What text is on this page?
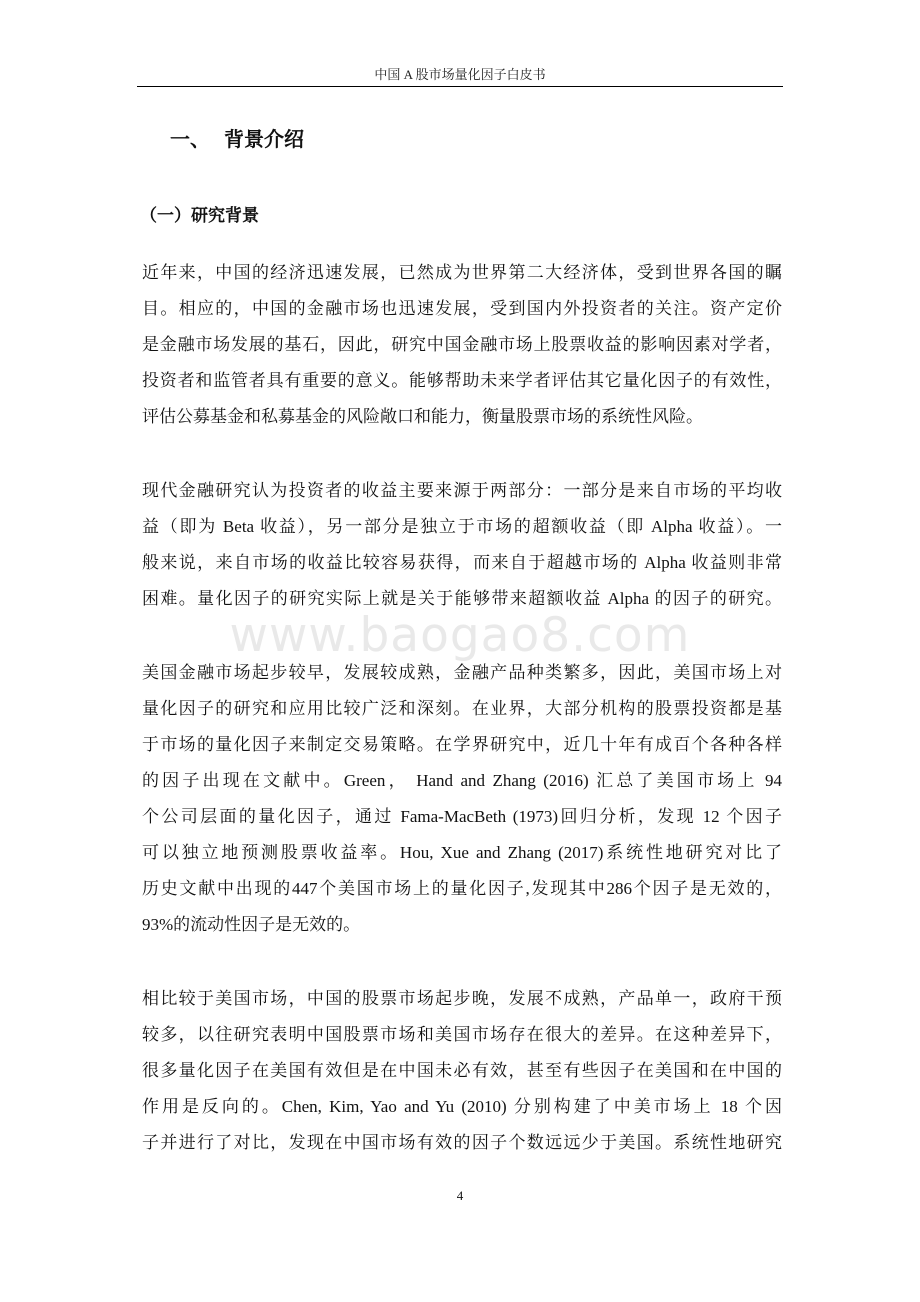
中国 A 股市场量化因子白皮书
一、 背景介绍
（一）研究背景
www.baogao8.com
近年来，中国的经济迅速发展，已然成为世界第二大经济体，受到世界各国的瞩
目。相应的，中国的金融市场也迅速发展，受到国内外投资者的关注。资产定价
是金融市场发展的基石，因此，研究中国金融市场上股票收益的影响因素对学者，
投资者和监管者具有重要的意义。能够帮助未来学者评估其它量化因子的有效性，
评估公募基金和私募基金的风险敞口和能力，衡量股票市场的系统性风险。
现代金融研究认为投资者的收益主要来源于两部分：一部分是来自市场的平均收
益（即为 Beta 收益），另一部分是独立于市场的超额收益（即 Alpha 收益）。一
般来说，来自市场的收益比较容易获得，而来自于超越市场的 Alpha 收益则非常
困难。量化因子的研究实际上就是关于能够带来超额收益 Alpha 的因子的研究。
美国金融市场起步较早，发展较成熟，金融产品种类繁多，因此，美国市场上对
量化因子的研究和应用比较广泛和深刻。在业界，大部分机构的股票投资都是基
于市场的量化因子来制定交易策略。在学界研究中，近几十年有成百个各种各样
的因子出现在文献中。Green， Hand and Zhang (2016) 汇总了美国市场上 94
个公司层面的量化因子，通过 Fama-MacBeth (1973)回归分析，发现 12 个因子
可以独立地预测股票收益率。Hou, Xue and Zhang (2017)系统性地研究对比了
历史文献中出现的447个美国市场上的量化因子,发现其中286个因子是无效的，
93%的流动性因子是无效的。
相比较于美国市场，中国的股票市场起步晚，发展不成熟，产品单一，政府干预
较多，以往研究表明中国股票市场和美国市场存在很大的差异。在这种差异下，
很多量化因子在美国有效但是在中国未必有效，甚至有些因子在美国和在中国的
作用是反向的。Chen, Kim, Yao and Yu (2010) 分别构建了中美市场上 18 个因
子并进行了对比，发现在中国市场有效的因子个数远远少于美国。系统性地研究
4
